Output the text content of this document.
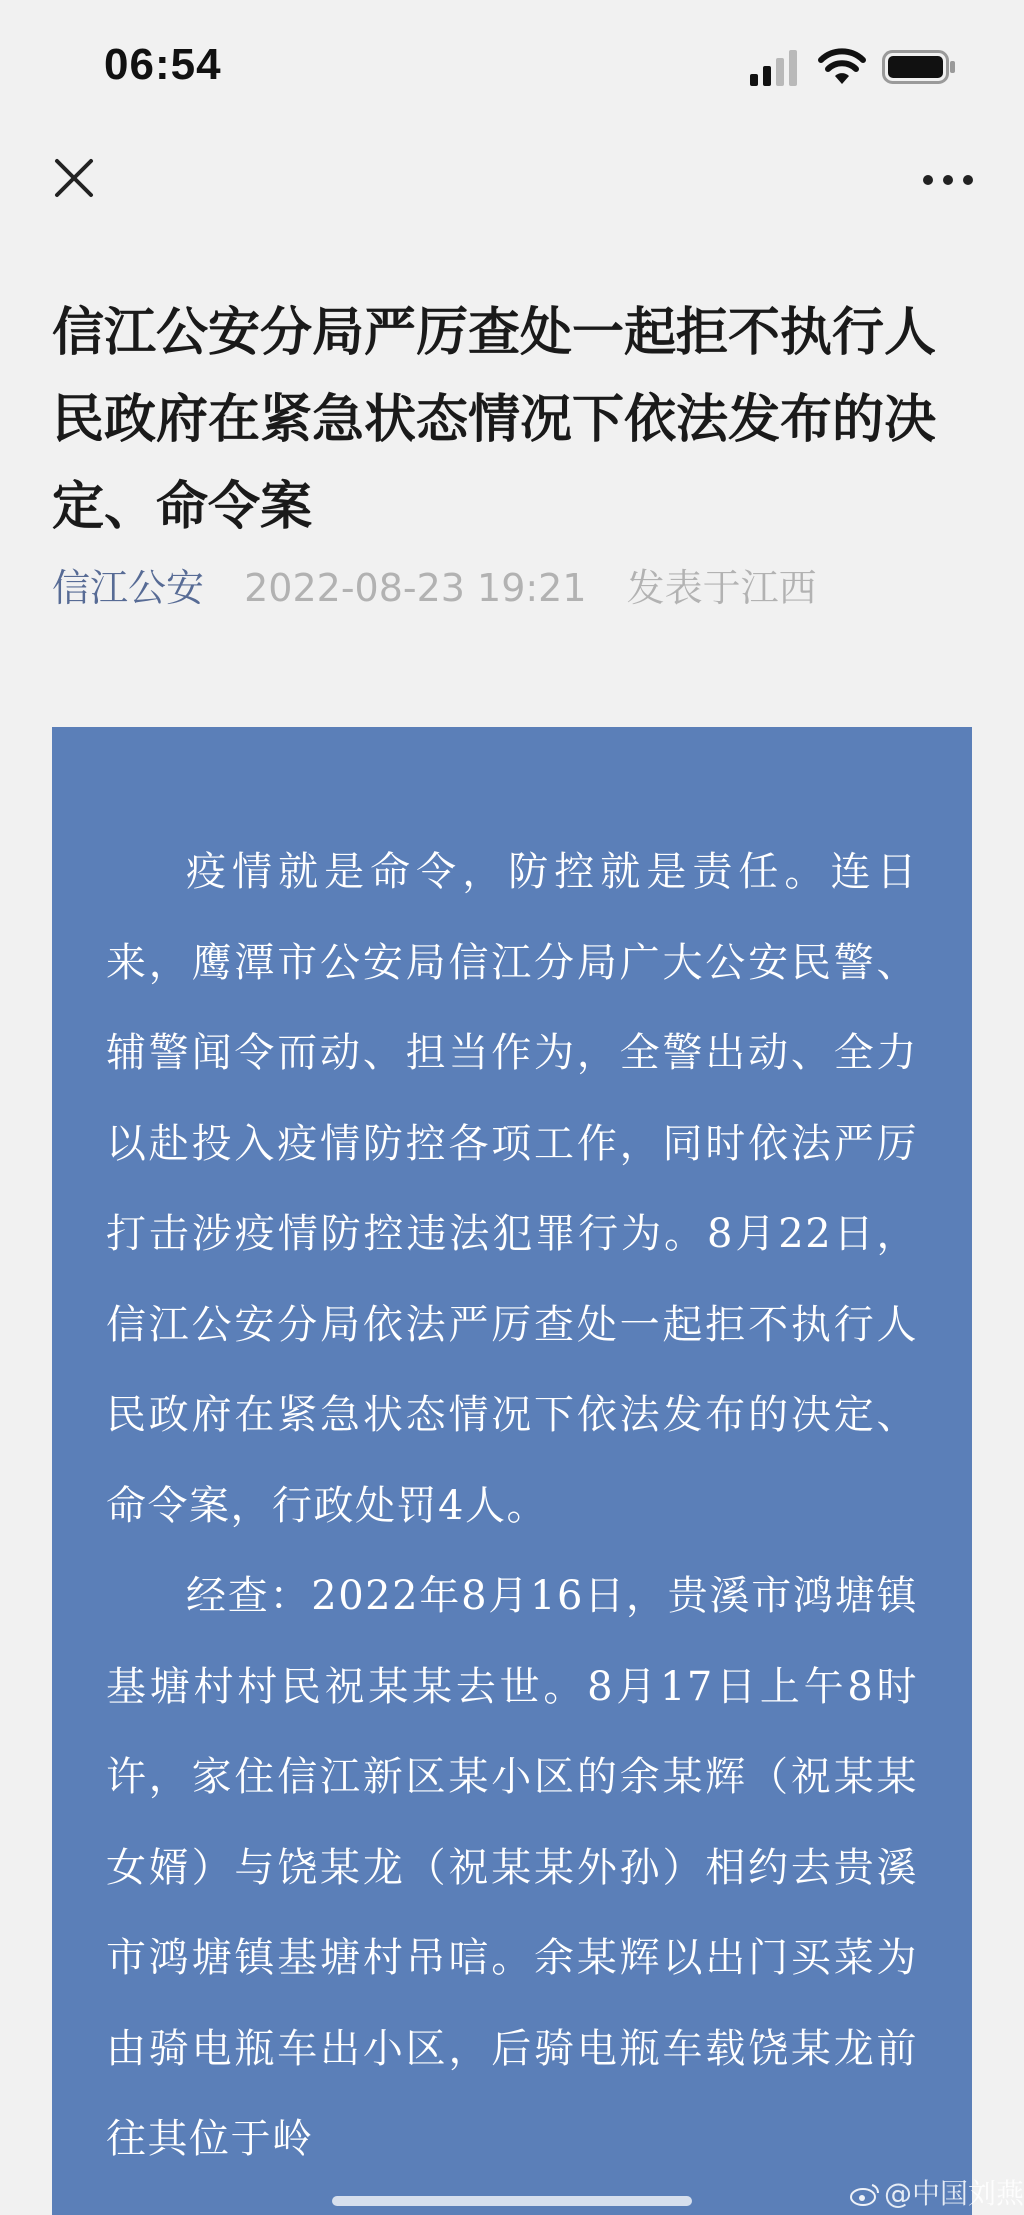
06:54
信江公安分局严厉查处一起拒不执行人民政府在紧急状态情况下依法发布的决定、命令案
信江公安 2022-08-23 19:21 发表于江西

疫情就是命令，防控就是责任。连日来，鹰潭市公安局信江分局广大公安民警、辅警闻令而动、担当作为，全警出动、全力以赴投入疫情防控各项工作，同时依法严厉打击涉疫情防控违法犯罪行为。8月22日，信江公安分局依法严厉查处一起拒不执行人民政府在紧急状态情况下依法发布的决定、命令案，行政处罚4人。

经查：2022年8月16日，贵溪市鸿塘镇基塘村村民祝某某去世。8月17日上午8时许，家住信江新区某小区的余某辉（祝某某女婿）与饶某龙（祝某某外孙）相约去贵溪市鸿塘镇基塘村吊唁。余某辉以出门买菜为由骑电瓶车出小区，后骑电瓶车载饶某龙前往其位于岭

@中国刘燕
